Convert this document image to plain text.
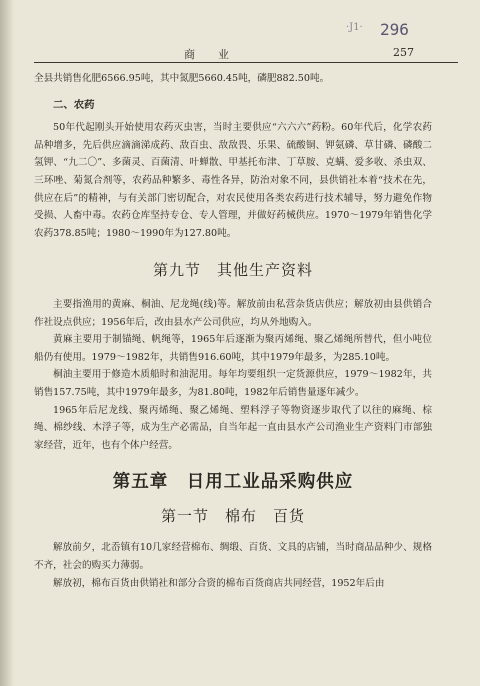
·J1· 296
商　业	257

全县共销售化肥6566.95吨，其中氮肥5660.45吨，磷肥882.50吨。

二、农药

50年代起刚头开始使用农药灭虫害，当时主要供应“六六六”药粉。60年代后，化学农药品种增多，先后供应滴滴涕成药、敌百虫、敌敌畏、乐果、硫酸铜、钾氨磷、草甘磷、磷酸二氢钾、“九二〇”、多菌灵、百菌清、叶蝉散、甲基托布津、丁草胺、克螨、爱多收、杀虫双、三环唑、菊氮合剂等，农药品种繁多、毒性各异，防治对象不同，县供销社本着“技术在先，供应在后”的精神，与有关部门密切配合，对农民使用各类农药进行技术辅导，努力避免作物受损、人畜中毒。农药仓库坚持专仓、专人管理，并做好药械供应。1970～1979年销售化学农药378.85吨；1980～1990年为127.80吨。

第九节　其他生产资料

主要指渔用的黄麻、桐油、尼龙绳(线)等。解放前由私营杂货店供应；解放初由县供销合作社设点供应；1956年后，改由县水产公司供应，均从外地购入。

黄麻主要用于制锚绳、帆绳等，1965年后逐渐为聚丙烯绳、聚乙烯绳所替代，但小吨位船仍有使用。1979～1982年，共销售916.60吨，其中1979年最多，为285.10吨。

桐油主要用于修造木质船时和油泥用。每年均要组织一定货源供应，1979～1982年，共销售157.75吨，其中1979年最多，为81.80吨，1982年后销售量逐年减少。

1965年后尼龙线、聚丙烯绳、聚乙烯绳、塑料浮子等物资逐步取代了以往的麻绳、棕绳、棉纱线、木浮子等，成为生产必需品，自当年起一直由县水产公司渔业生产资料门市部独家经营，近年，也有个体户经营。

第五章　日用工业品采购供应
第一节　棉布　百货

解放前夕，北岙镇有10几家经营棉布、绸缎、百货、文具的店铺，当时商品品种少、规格不齐，社会的购买力薄弱。

解放初，棉布百货由供销社和部分合资的棉布百货商店共同经营，1952年后由
